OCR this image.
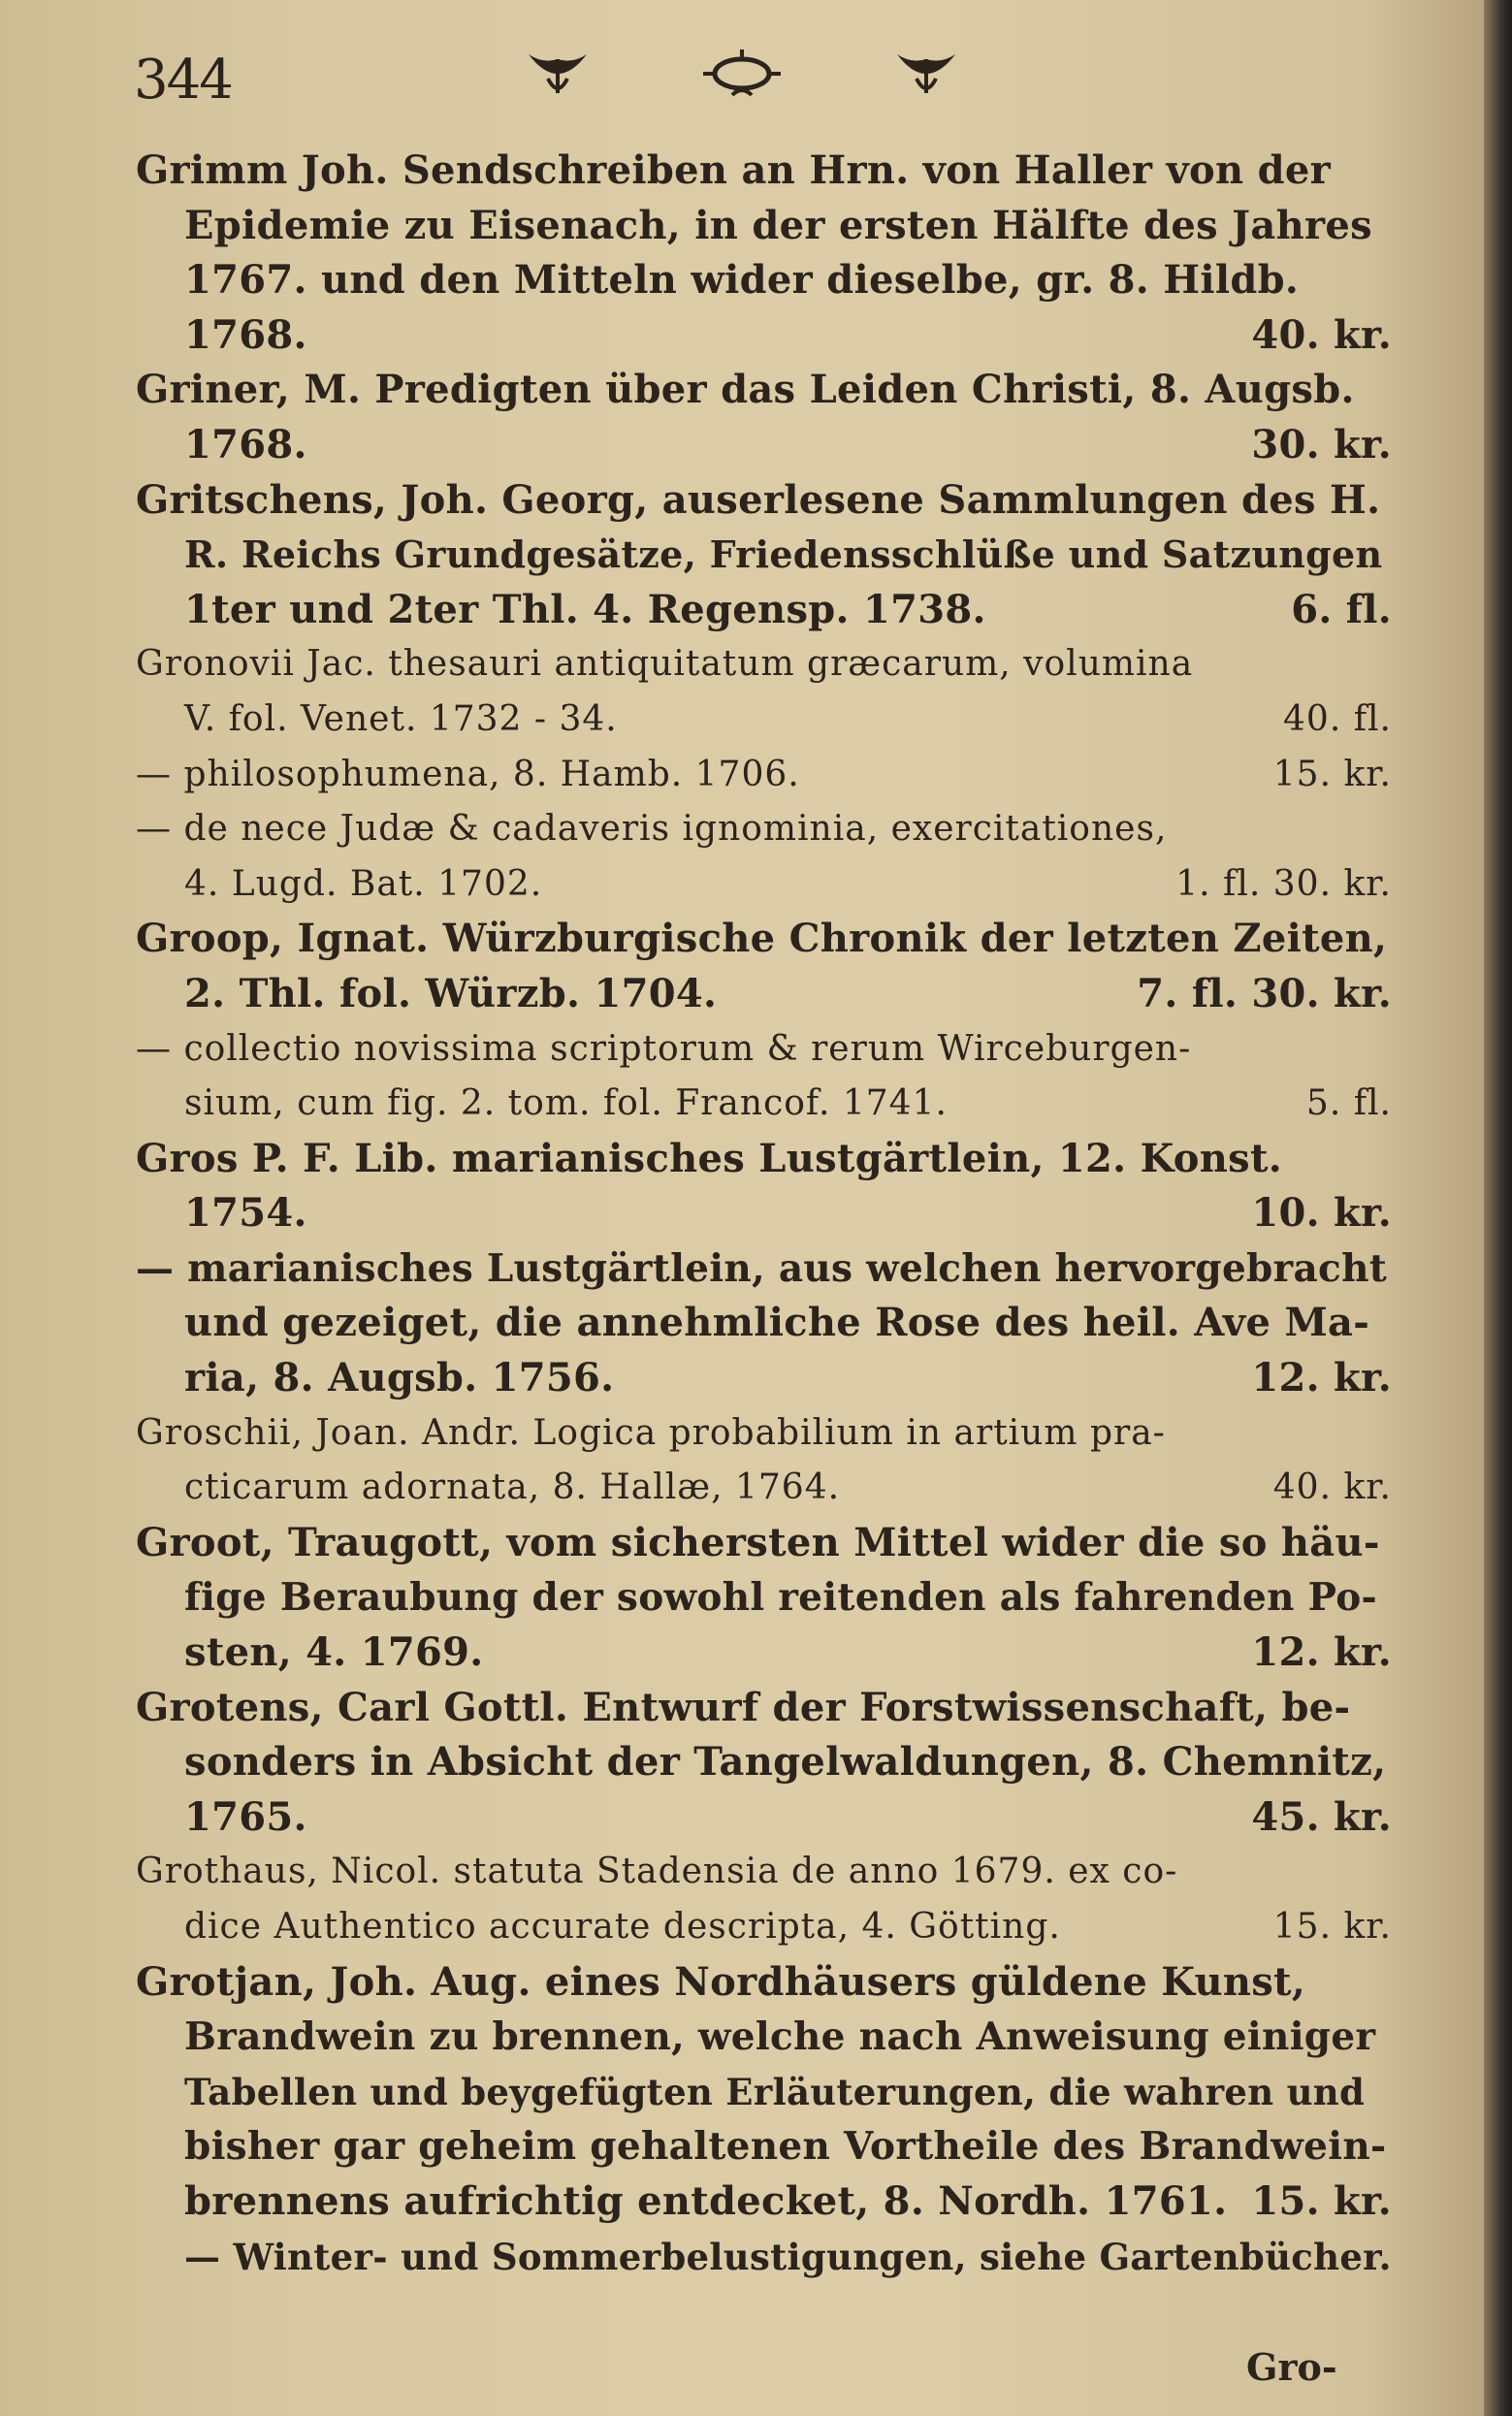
344
Grimm Joh. Sendschreiben an Hrn. von Haller von der
Epidemie zu Eisenach, in der ersten Hälfte des Jahres
1767. und den Mitteln wider dieselbe, gr. 8. Hildb.
1768.	40. kr.
Griner, M. Predigten über das Leiden Christi, 8. Augsb.
1768.	30. kr.
Gritschens, Joh. Georg, auserlesene Sammlungen des H.
R. Reichs Grundgesätze, Friedensschlüße und Satzungen
1ter und 2ter Thl. 4. Regensp. 1738.	6. fl.
Gronovii Jac. thesauri antiquitatum græcarum, volumina
V. fol. Venet. 1732 - 34.	40. fl.
— philosophumena, 8. Hamb. 1706.	15. kr.
— de nece Judæ & cadaveris ignominia, exercitationes,
4. Lugd. Bat. 1702.	1. fl. 30. kr.
Groop, Ignat. Würzburgische Chronik der letzten Zeiten,
2. Thl. fol. Würzb. 1704.	7. fl. 30. kr.
— collectio novissima scriptorum & rerum Wirceburgen-
sium, cum fig. 2. tom. fol. Francof. 1741.	5. fl.
Gros P. F. Lib. marianisches Lustgärtlein, 12. Konst.
1754.	10. kr.
— marianisches Lustgärtlein, aus welchen hervorgebracht
und gezeiget, die annehmliche Rose des heil. Ave Ma-
ria, 8. Augsb. 1756.	12. kr.
Groschii, Joan. Andr. Logica probabilium in artium pra-
cticarum adornata, 8. Hallæ, 1764.	40. kr.
Groot, Traugott, vom sichersten Mittel wider die so häu-
fige Beraubung der sowohl reitenden als fahrenden Po-
sten, 4. 1769.	12. kr.
Grotens, Carl Gottl. Entwurf der Forstwissenschaft, be-
sonders in Absicht der Tangelwaldungen, 8. Chemnitz,
1765.	45. kr.
Grothaus, Nicol. statuta Stadensia de anno 1679. ex co-
dice Authentico accurate descripta, 4. Götting.	15. kr.
Grotjan, Joh. Aug. eines Nordhäusers güldene Kunst,
Brandwein zu brennen, welche nach Anweisung einiger
Tabellen und beygefügten Erläuterungen, die wahren und
bisher gar geheim gehaltenen Vortheile des Brandwein-
brennens aufrichtig entdecket, 8. Nordh. 1761. 15. kr.
— Winter- und Sommerbelustigungen, siehe Gartenbücher.
Gro-
